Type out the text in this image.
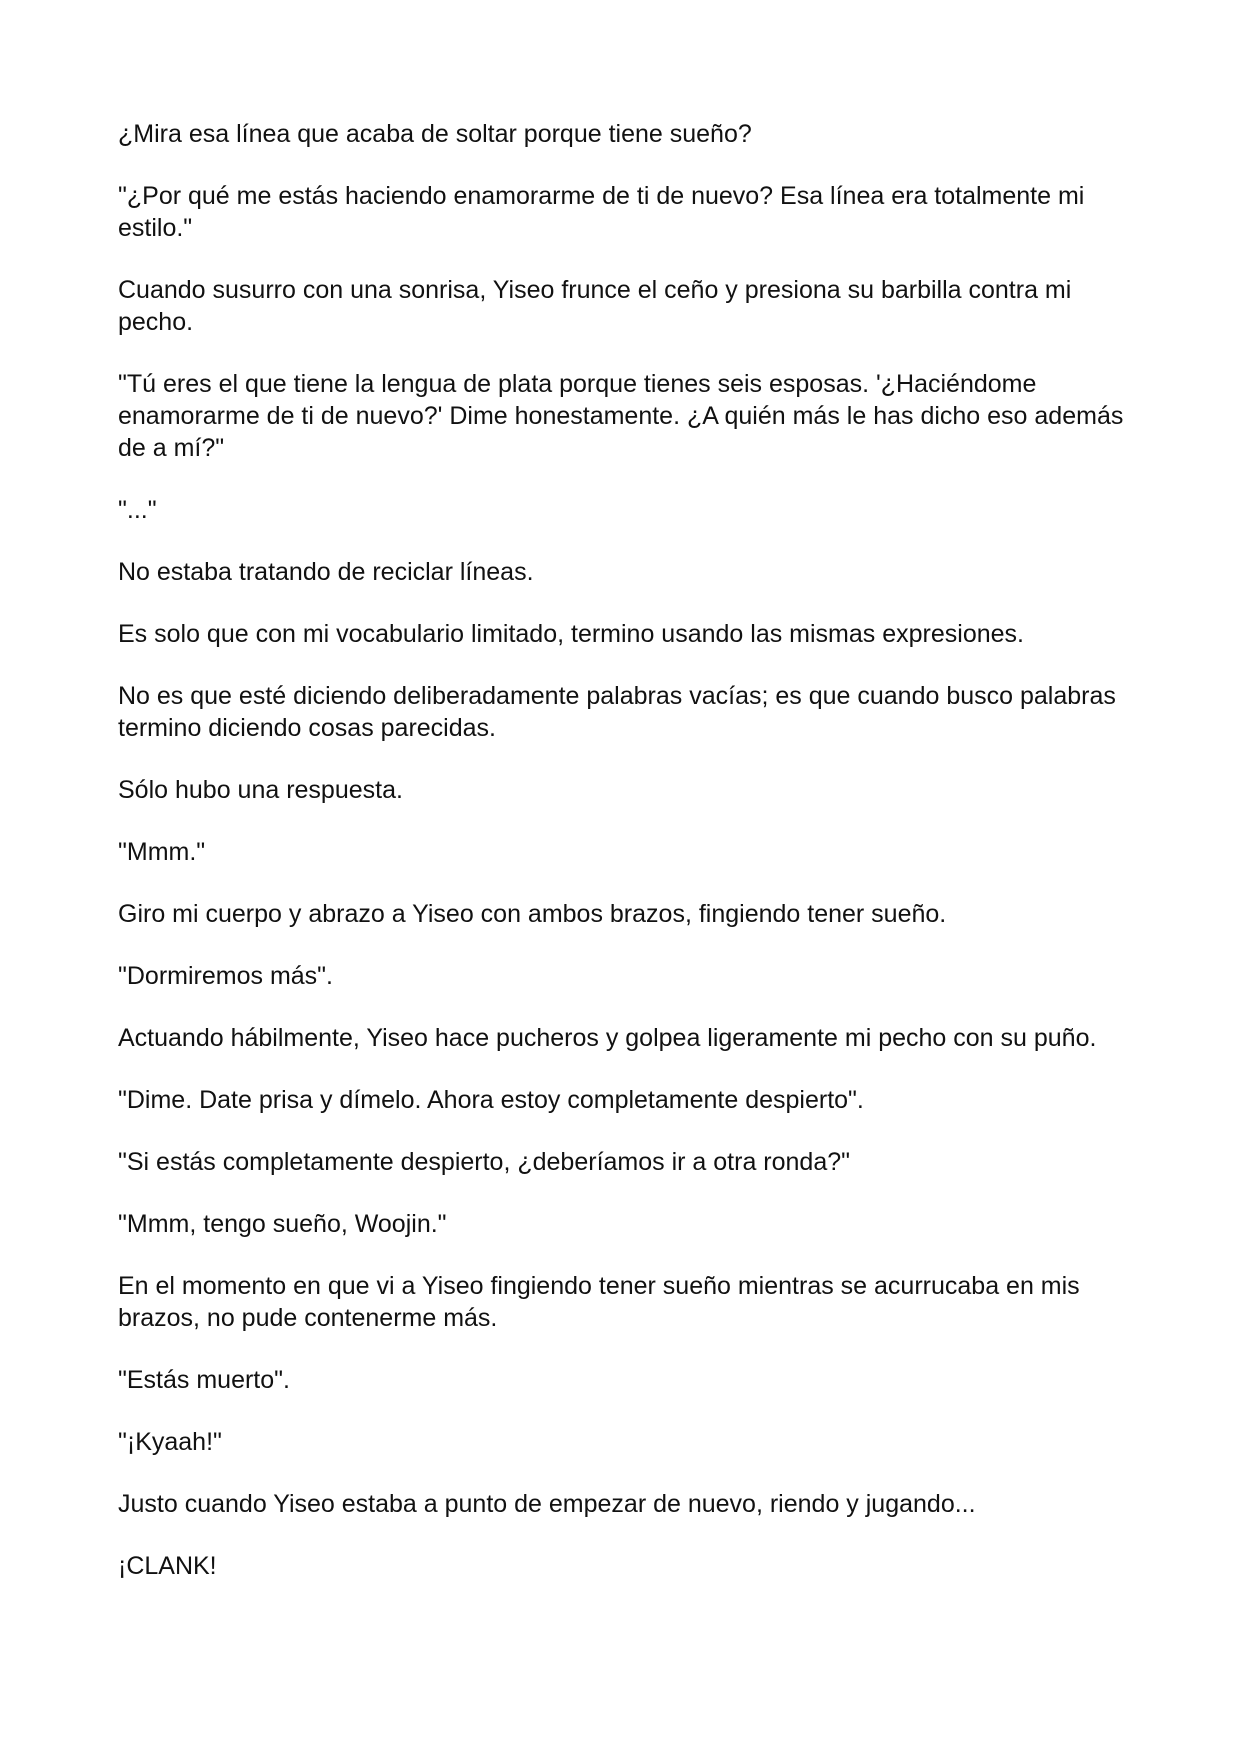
¿Mira esa línea que acaba de soltar porque tiene sueño?

"¿Por qué me estás haciendo enamorarme de ti de nuevo? Esa línea era totalmente mi estilo."

Cuando susurro con una sonrisa, Yiseo frunce el ceño y presiona su barbilla contra mi pecho.

"Tú eres el que tiene la lengua de plata porque tienes seis esposas. '¿Haciéndome enamorarme de ti de nuevo?' Dime honestamente. ¿A quién más le has dicho eso además de a mí?"

"..."

No estaba tratando de reciclar líneas.

Es solo que con mi vocabulario limitado, termino usando las mismas expresiones.

No es que esté diciendo deliberadamente palabras vacías; es que cuando busco palabras termino diciendo cosas parecidas.

Sólo hubo una respuesta.

"Mmm."

Giro mi cuerpo y abrazo a Yiseo con ambos brazos, fingiendo tener sueño.

"Dormiremos más".

Actuando hábilmente, Yiseo hace pucheros y golpea ligeramente mi pecho con su puño.

"Dime. Date prisa y dímelo. Ahora estoy completamente despierto".

"Si estás completamente despierto, ¿deberíamos ir a otra ronda?"

"Mmm, tengo sueño, Woojin."

En el momento en que vi a Yiseo fingiendo tener sueño mientras se acurrucaba en mis brazos, no pude contenerme más.

"Estás muerto".

"¡Kyaah!"

Justo cuando Yiseo estaba a punto de empezar de nuevo, riendo y jugando...

¡CLANK!
